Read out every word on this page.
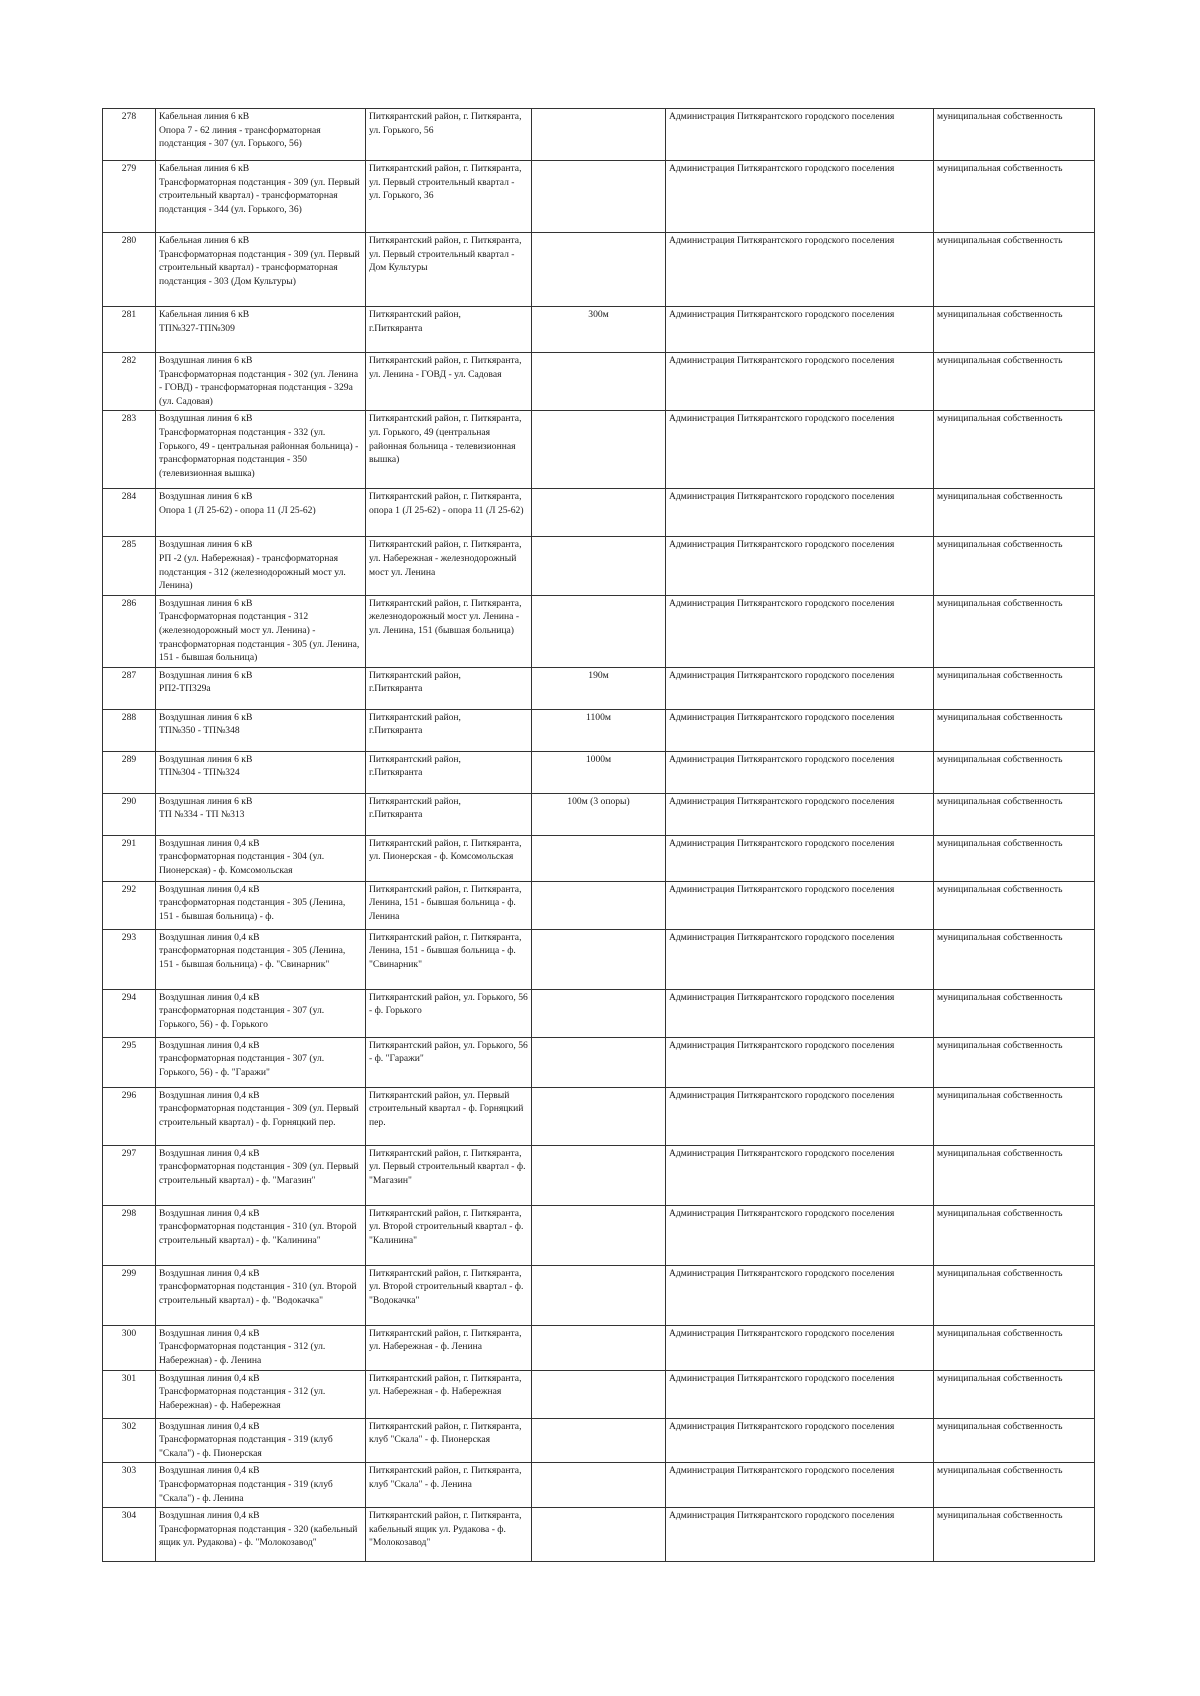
278	Кабельная линия 6 кВ
Опора 7 - 62 линия - трансформаторная подстанция - 307 (ул. Горького, 56)	Питкярантский район, г. Питкяранта, ул. Горького, 56		Администрация Питкярантского городского поселения	муниципальная собственность

279	Кабельная линия 6 кВ
Трансформаторная подстанция - 309 (ул. Первый строительный квартал) - трансформаторная подстанция - 344 (ул. Горького, 36)	Питкярантский район, г. Питкяранта, ул. Первый строительный квартал - ул. Горького, 36		Администрация Питкярантского городского поселения	муниципальная собственность

280	Кабельная линия 6 кВ
Трансформаторная подстанция - 309 (ул. Первый строительный квартал) - трансформаторная подстанция - 303 (Дом Культуры)	Питкярантский район, г. Питкяранта, ул. Первый строительный квартал - Дом Культуры		Администрация Питкярантского городского поселения	муниципальная собственность

281	Кабельная линия 6 кВ
ТП№327-ТП№309	Питкярантский район,
г.Питкяранта	300м	Администрация Питкярантского городского поселения	муниципальная собственность

282	Воздушная линия 6 кВ
Трансформаторная подстанция - 302 (ул. Ленина - ГОВД) - трансформаторная подстанция - 329а (ул. Садовая)	Питкярантский район, г. Питкяранта, ул. Ленина - ГОВД - ул. Садовая		Администрация Питкярантского городского поселения	муниципальная собственность

283	Воздушная линия 6 кВ
Трансформаторная подстанция - 332 (ул. Горького, 49 - центральная районная больница) - трансформаторная подстанция - 350 (телевизионная вышка)	Питкярантский район, г. Питкяранта, ул. Горького, 49 (центральная районная больница - телевизионная вышка)		Администрация Питкярантского городского поселения	муниципальная собственность

284	Воздушная линия 6 кВ
Опора 1 (Л 25-62) - опора 11 (Л 25-62)	Питкярантский район, г. Питкяранта, опора 1 (Л 25-62) - опора 11 (Л 25-62)		Администрация Питкярантского городского поселения	муниципальная собственность

285	Воздушная линия 6 кВ
РП -2 (ул. Набережная) - трансформаторная подстанция - 312 (железнодорожный мост ул. Ленина)	Питкярантский район, г. Питкяранта, ул. Набережная - железнодорожный мост ул. Ленина		Администрация Питкярантского городского поселения	муниципальная собственность

286	Воздушная линия 6 кВ
Трансформаторная подстанция - 312 (железнодорожный мост ул. Ленина) - трансформаторная подстанция - 305 (ул. Ленина, 151 - бывшая больница)	Питкярантский район, г. Питкяранта, железнодорожный мост ул. Ленина - ул. Ленина, 151 (бывшая больница)		Администрация Питкярантского городского поселения	муниципальная собственность

287	Воздушная линия 6 кВ
РП2-ТП329а	Питкярантский район,
г.Питкяранта	190м	Администрация Питкярантского городского поселения	муниципальная собственность

288	Воздушная линия 6 кВ
ТП№350 - ТП№348	Питкярантский район,
г.Питкяранта	1100м	Администрация Питкярантского городского поселения	муниципальная собственность

289	Воздушная линия 6 кВ
ТП№304 - ТП№324	Питкярантский район,
г.Питкяранта	1000м	Администрация Питкярантского городского поселения	муниципальная собственность

290	Воздушная линия 6 кВ
ТП №334 - ТП №313	Питкярантский район,
г.Питкяранта	100м (3 опоры)	Администрация Питкярантского городского поселения	муниципальная собственность

291	Воздушная линия 0,4 кВ
трансформаторная подстанция - 304 (ул. Пионерская) - ф. Комсомольская	Питкярантский район, г. Питкяранта, ул. Пионерская - ф. Комсомольская		Администрация Питкярантского городского поселения	муниципальная собственность

292	Воздушная линия 0,4 кВ
трансформаторная подстанция - 305 (Ленина, 151 - бывшая больница) - ф.	Питкярантский район, г. Питкяранта, Ленина, 151 - бывшая больница - ф. Ленина		Администрация Питкярантского городского поселения	муниципальная собственность

293	Воздушная линия 0,4 кВ
трансформаторная подстанция - 305 (Ленина, 151 - бывшая больница) - ф. "Свинарник"	Питкярантский район, г. Питкяранта, Ленина, 151 - бывшая больница - ф. "Свинарник"		Администрация Питкярантского городского поселения	муниципальная собственность

294	Воздушная линия 0,4 кВ
трансформаторная подстанция - 307 (ул. Горького, 56) - ф. Горького	Питкярантский район, ул. Горького, 56 - ф. Горького		Администрация Питкярантского городского поселения	муниципальная собственность

295	Воздушная линия 0,4 кВ
трансформаторная подстанция - 307 (ул. Горького, 56) - ф. "Гаражи"	Питкярантский район, ул. Горького, 56 - ф. "Гаражи"		Администрация Питкярантского городского поселения	муниципальная собственность

296	Воздушная линия 0,4 кВ
трансформаторная подстанция - 309 (ул. Первый строительный квартал) - ф. Горняцкий пер.	Питкярантский район, ул. Первый строительный квартал - ф. Горняцкий пер.		Администрация Питкярантского городского поселения	муниципальная собственность

297	Воздушная линия 0,4 кВ
трансформаторная подстанция - 309 (ул. Первый строительный квартал) - ф. "Магазин"	Питкярантский район, г. Питкяранта, ул. Первый строительный квартал - ф. "Магазин"		Администрация Питкярантского городского поселения	муниципальная собственность

298	Воздушная линия 0,4 кВ
трансформаторная подстанция - 310 (ул. Второй строительный квартал) - ф. "Калинина"	Питкярантский район, г. Питкяранта, ул. Второй строительный квартал - ф. "Калинина"		Администрация Питкярантского городского поселения	муниципальная собственность

299	Воздушная линия 0,4 кВ
трансформаторная подстанция - 310 (ул. Второй строительный квартал) - ф. "Водокачка"	Питкярантский район, г. Питкяранта, ул. Второй строительный квартал - ф. "Водокачка"		Администрация Питкярантского городского поселения	муниципальная собственность

300	Воздушная линия 0,4 кВ
Трансформаторная подстанция - 312 (ул. Набережная) - ф. Ленина	Питкярантский район, г. Питкяранта, ул. Набережная - ф. Ленина		Администрация Питкярантского городского поселения	муниципальная собственность

301	Воздушная линия 0,4 кВ
Трансформаторная подстанция - 312 (ул. Набережная) - ф. Набережная	Питкярантский район, г. Питкяранта, ул. Набережная - ф. Набережная		Администрация Питкярантского городского поселения	муниципальная собственность

302	Воздушная линия 0,4 кВ
Трансформаторная подстанция - 319 (клуб "Скала") - ф. Пионерская	Питкярантский район, г. Питкяранта, клуб "Скала" - ф. Пионерская		Администрация Питкярантского городского поселения	муниципальная собственность

303	Воздушная линия 0,4 кВ
Трансформаторная подстанция - 319 (клуб "Скала") - ф. Ленина	Питкярантский район, г. Питкяранта, клуб "Скала" - ф. Ленина		Администрация Питкярантского городского поселения	муниципальная собственность

304	Воздушная линия 0,4 кВ
Трансформаторная подстанция - 320 (кабельный ящик ул. Рудакова) - ф. "Молокозавод"	Питкярантский район, г. Питкяранта, кабельный ящик ул. Рудакова - ф. "Молокозавод"		Администрация Питкярантского городского поселения	муниципальная собственность
